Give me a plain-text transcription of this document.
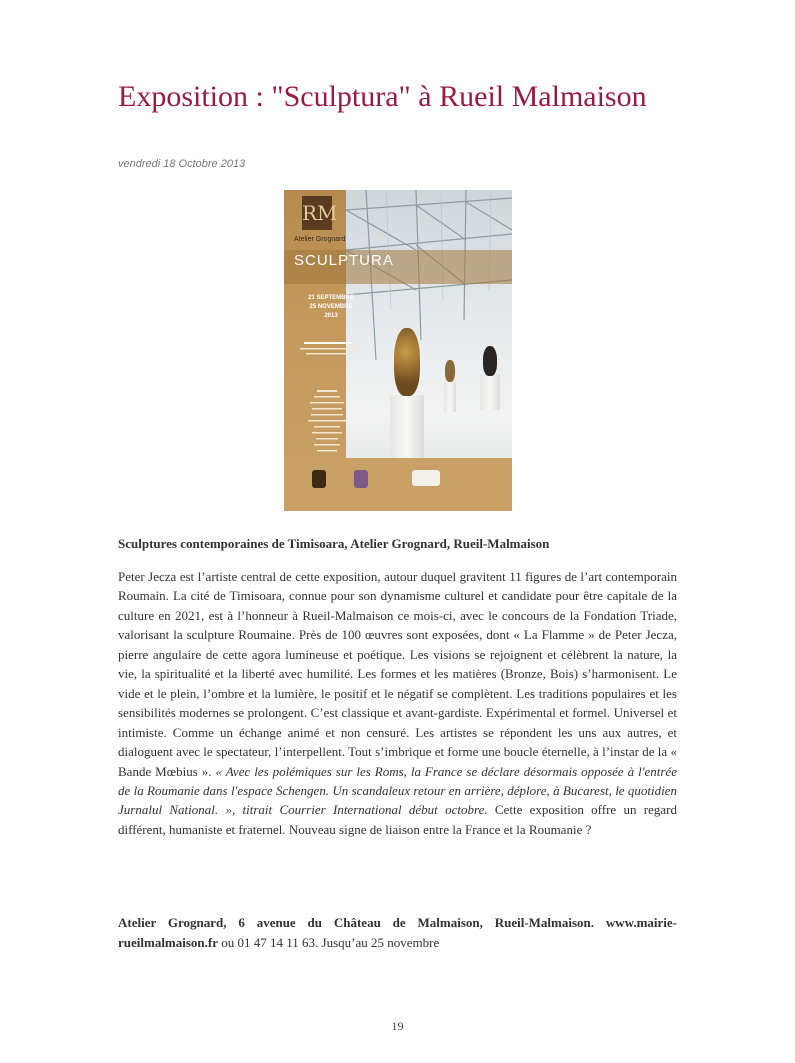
Exposition : "Sculptura" à Rueil Malmaison
vendredi 18 Octobre 2013
RM
Atelier Grognard
SCULPTURA
21 SEPTEMBRE
25 NOVEMBRE
2013

Sculptures contemporaines de Timisoara, Atelier Grognard, Rueil-Malmaison

Peter Jecza est l’artiste central de cette exposition, autour duquel gravitent 11 figures de l’art contemporain Roumain. La cité de Timisoara, connue pour son dynamisme culturel et candidate pour être capitale de la culture en 2021, est à l’honneur à Rueil-Malmaison ce mois-ci, avec le concours de la Fondation Triade, valorisant la sculpture Roumaine. Près de 100 œuvres sont exposées, dont « La Flamme » de Peter Jecza, pierre angulaire de cette agora lumineuse et poétique. Les visions se rejoignent et célèbrent la nature, la vie, la spiritualité et la liberté avec humilité. Les formes et les matières (Bronze, Bois) s’harmonisent. Le vide et le plein, l’ombre et la lumière, le positif et le négatif se complètent. Les traditions populaires et les sensibilités modernes se prolongent. C’est classique et avant-gardiste. Expérimental et formel. Universel et intimiste. Comme un échange animé et non censuré. Les artistes se répondent les uns aux autres, et dialoguent avec le spectateur, l’interpellent. Tout s’imbrique et forme une boucle éternelle, à l’instar de la « Bande Mœbius ». « Avec les polémiques sur les Roms, la France se déclare désormais opposée à l'entrée de la Roumanie dans l'espace Schengen. Un scandaleux retour en arrière, déplore, à Bucarest, le quotidien Jurnalul National. », titrait Courrier International début octobre. Cette exposition offre un regard différent, humaniste et fraternel. Nouveau signe de liaison entre la France et la Roumanie ?

Atelier Grognard, 6 avenue du Château de Malmaison, Rueil-Malmaison. www.mairie-rueilmalmaison.fr ou 01 47 14 11 63. Jusqu’au 25 novembre

19
